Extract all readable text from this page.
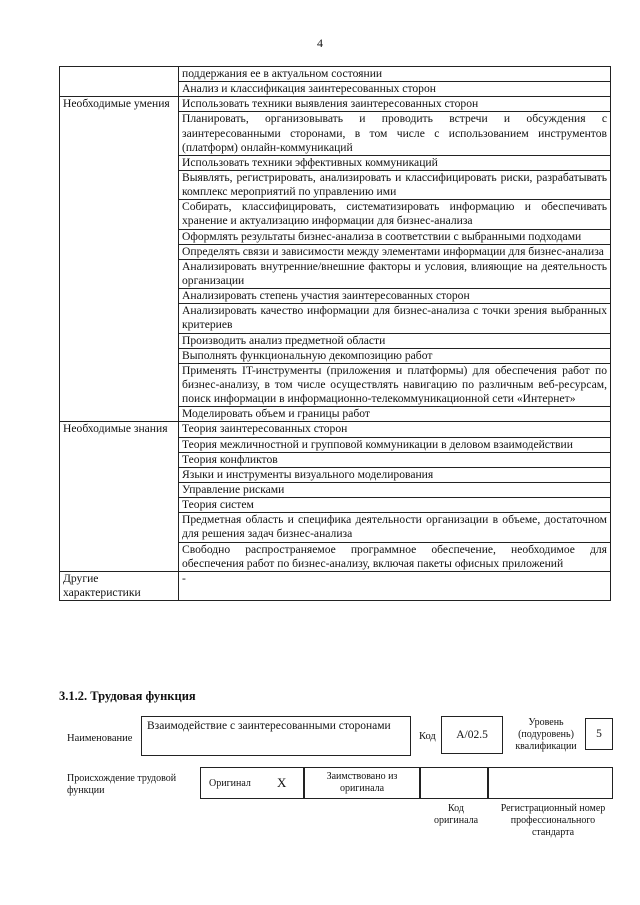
4
	поддержания ее в актуальном состоянии
	Анализ и классификация заинтересованных сторон
Необходимые умения	Использовать техники выявления заинтересованных сторон
	Планировать, организовывать и проводить встречи и обсуждения с заинтересованными сторонами, в том числе с использованием инструментов (платформ) онлайн-коммуникаций
	Использовать техники эффективных коммуникаций
	Выявлять, регистрировать, анализировать и классифицировать риски, разрабатывать комплекс мероприятий по управлению ими
	Собирать, классифицировать, систематизировать информацию и обеспечивать хранение и актуализацию информации для бизнес-анализа
	Оформлять результаты бизнес-анализа в соответствии с выбранными подходами
	Определять связи и зависимости между элементами информации для бизнес-анализа
	Анализировать внутренние/внешние факторы и условия, влияющие на деятельность организации
	Анализировать степень участия заинтересованных сторон
	Анализировать качество информации для бизнес-анализа с точки зрения выбранных критериев
	Производить анализ предметной области
	Выполнять функциональную декомпозицию работ
	Применять IT-инструменты (приложения и платформы) для обеспечения работ по бизнес-анализу, в том числе осуществлять навигацию по различным веб-ресурсам, поиск информации в информационно-телекоммуникационной сети «Интернет»
	Моделировать объем и границы работ
Необходимые знания	Теория заинтересованных сторон
	Теория межличностной и групповой коммуникации в деловом взаимодействии
	Теория конфликтов
	Языки и инструменты визуального моделирования
	Управление рисками
	Теория систем
	Предметная область и специфика деятельности организации в объеме, достаточном для решения задач бизнес-анализа
	Свободно распространяемое программное обеспечение, необходимое для обеспечения работ по бизнес-анализу, включая пакеты офисных приложений
Другие характеристики	-
3.1.2. Трудовая функция
Наименование
Взаимодействие с заинтересованными сторонами
Код	A/02.5
Уровень (подуровень) квалификации
5
Происхождение трудовой функции
Оригинал X	Заимствовано из оригинала
Код оригинала
Регистрационный номер профессионального стандарта
